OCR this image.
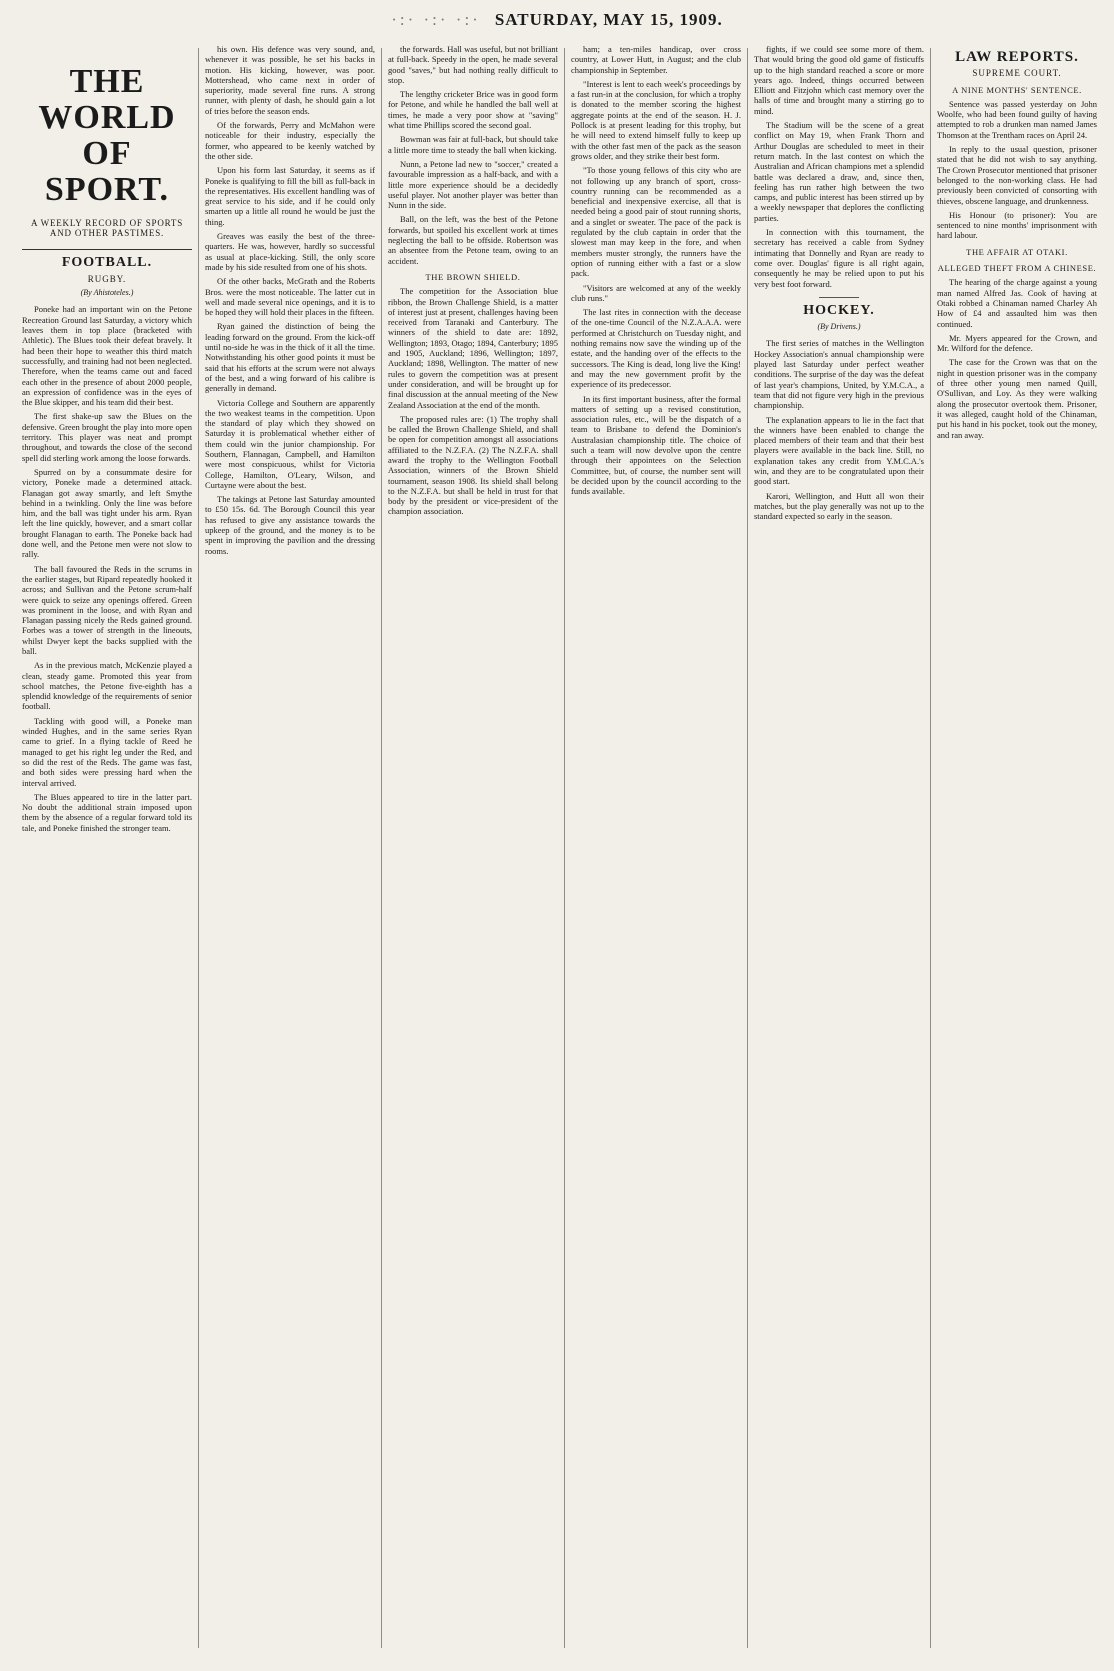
·:· ·:· ·:· SATURDAY, MAY 15, 1909.
THE WORLD OF SPORT.
A WEEKLY RECORD OF SPORTS AND OTHER PASTIMES.
FOOTBALL.
RUGBY.
(By Ahistoteles.)

Poneke had an important win on the Petone Recreation Ground last Saturday, a victory which leaves them in top place (bracketed with Athletic). The Blues took their defeat bravely. It had been their hope to weather this third match successfully, and training had not been neglected. Therefore, when the teams came out and faced each other in the presence of about 2000 people, an expression of confidence was in the eyes of the Blue skipper, and his team did their best.

The first shake-up saw the Blues on the defensive. Green brought the play into more open territory. This player was neat and prompt throughout, and towards the close of the second spell did sterling work among the loose forwards.

Spurred on by a consummate desire for victory, Poneke made a determined attack. Flanagan got away smartly, and left Smythe behind in a twinkling. Only the line was before him, and the ball was tight under his arm. Ryan left the line quickly, however, and a smart collar brought Flanagan to earth. The Poneke back had done well, and the Petone men were not slow to rally.

The ball favoured the Reds in the scrums in the earlier stages, but Ripard repeatedly hooked it across; and Sullivan and the Petone scrum-half were quick to seize any openings offered. Green was prominent in the loose, and with Ryan and Flanagan passing nicely the Reds gained ground. Forbes was a tower of strength in the lineouts, whilst Dwyer kept the backs supplied with the ball.

As in the previous match, McKenzie played a clean, steady game. Promoted this year from school matches, the Petone five-eighth has a splendid knowledge of the requirements of senior football.

Tackling with good will, a Poneke man winded Hughes, and in the same series Ryan came to grief. In a flying tackle of Reed he managed to get his right leg under the Red, and so did the rest of the Reds. The game was fast, and both sides were pressing hard when the interval arrived.

The Blues appeared to tire in the latter part. No doubt the additional strain imposed upon them by the absence of a regular forward told its tale, and Poneke finished the stronger team.

his own. His defence was very sound, and, whenever it was possible, he set his backs in motion. His kicking, however, was poor. Mottershead, who came next in order of superiority, made several fine runs. A strong runner, with plenty of dash, he should gain a lot of tries before the season ends.

Of the forwards, Perry and McMahon were noticeable for their industry, especially the former, who appeared to be keenly watched by the other side.

Upon his form last Saturday, it seems as if Poneke is qualifying to fill the bill as full-back in the representatives. His excellent handling was of great service to his side, and if he could only smarten up a little all round he would be just the thing.

Greaves was easily the best of the three-quarters. He was, however, hardly so successful as usual at place-kicking. Still, the only score made by his side resulted from one of his shots.

Of the other backs, McGrath and the Roberts Bros. were the most noticeable. The latter cut in well and made several nice openings, and it is to be hoped they will hold their places in the fifteen.

Ryan gained the distinction of being the leading forward on the ground. From the kick-off until no-side he was in the thick of it all the time. Notwithstanding his other good points it must be said that his efforts at the scrum were not always of the best, and a wing forward of his calibre is generally in demand.

Victoria College and Southern are apparently the two weakest teams in the competition. Upon the standard of play which they showed on Saturday it is problematical whether either of them could win the junior championship. For Southern, Flannagan, Campbell, and Hamilton were most conspicuous, whilst for Victoria College, Hamilton, O'Leary, Wilson, and Curtayne were about the best.

The takings at Petone last Saturday amounted to £50 15s. 6d. The Borough Council this year has refused to give any assistance towards the upkeep of the ground, and the money is to be spent in improving the pavilion and the dressing rooms.

the forwards. Hall was useful, but not brilliant at full-back. Speedy in the open, he made several good "saves," but had nothing really difficult to stop.

The lengthy cricketer Brice was in good form for Petone, and while he handled the ball well at times, he made a very poor show at "saving" what time Phillips scored the second goal.

Bowman was fair at full-back, but should take a little more time to steady the ball when kicking.

Nunn, a Petone lad new to "soccer," created a favourable impression as a half-back, and with a little more experience should be a decidedly useful player. Not another player was better than Nunn in the side.

Ball, on the left, was the best of the Petone forwards, but spoiled his excellent work at times neglecting the ball to be offside. Robertson was an absentee from the Petone team, owing to an accident.

THE BROWN SHIELD.

The competition for the Association blue ribbon, the Brown Challenge Shield, is a matter of interest just at present, challenges having been received from Taranaki and Canterbury. The winners of the shield to date are: 1892, Wellington; 1893, Otago; 1894, Canterbury; 1895 and 1905, Auckland; 1896, Wellington; 1897, Auckland; 1898, Wellington. The matter of new rules to govern the competition was at present under consideration, and will be brought up for final discussion at the annual meeting of the New Zealand Association at the end of the month.

The proposed rules are: (1) The trophy shall be called the Brown Challenge Shield, and shall be open for competition amongst all associations affiliated to the N.Z.F.A. (2) The N.Z.F.A. shall award the trophy to the Wellington Football Association, winners of the Brown Shield tournament, season 1908. Its shield shall belong to the N.Z.F.A. but shall be held in trust for that body by the president or vice-president of the champion association.

ham; a ten-miles handicap, over cross country, at Lower Hutt, in August; and the club championship in September.

"Interest is lent to each week's proceedings by a fast run-in at the conclusion, for which a trophy is donated to the member scoring the highest aggregate points at the end of the season. H. J. Pollock is at present leading for this trophy, but he will need to extend himself fully to keep up with the other fast men of the pack as the season grows older, and they strike their best form.

"To those young fellows of this city who are not following up any branch of sport, cross-country running can be recommended as a beneficial and inexpensive exercise, all that is needed being a good pair of stout running shorts, and a singlet or sweater. The pace of the pack is regulated by the club captain in order that the slowest man may keep in the fore, and when members muster strongly, the runners have the option of running either with a fast or a slow pack.

"Visitors are welcomed at any of the weekly club runs."

The last rites in connection with the decease of the one-time Council of the N.Z.A.A.A. were performed at Christchurch on Tuesday night, and nothing remains now save the winding up of the estate, and the handing over of the effects to the successors. The King is dead, long live the King! and may the new government profit by the experience of its predecessor.

In its first important business, after the formal matters of setting up a revised constitution, association rules, etc., will be the dispatch of a team to Brisbane to defend the Dominion's Australasian championship title. The choice of such a team will now devolve upon the centre through their appointees on the Selection Committee, but, of course, the number sent will be decided upon by the council according to the funds available.

fights, if we could see some more of them. That would bring the good old game of fisticuffs up to the high standard reached a score or more years ago. Indeed, things occurred between Elliott and Fitzjohn which cast memory over the halls of time and brought many a stirring go to mind.

The Stadium will be the scene of a great conflict on May 19, when Frank Thorn and Arthur Douglas are scheduled to meet in their return match. In the last contest on which the Australian and African champions met a splendid battle was declared a draw, and, since then, feeling has run rather high between the two camps, and public interest has been stirred up by a weekly newspaper that deplores the conflicting parties.

In connection with this tournament, the secretary has received a cable from Sydney intimating that Donnelly and Ryan are ready to come over. Douglas' figure is all right again, consequently he may be relied upon to put his very best foot forward.

HOCKEY.
(By Drivens.)

The first series of matches in the Wellington Hockey Association's annual championship were played last Saturday under perfect weather conditions. The surprise of the day was the defeat of last year's champions, United, by Y.M.C.A., a team that did not figure very high in the previous championship.

The explanation appears to lie in the fact that the winners have been enabled to change the placed members of their team and that their best players were available in the back line. Still, no explanation takes any credit from Y.M.C.A.'s win, and they are to be congratulated upon their good start.

Karori, Wellington, and Hutt all won their matches, but the play generally was not up to the standard expected so early in the season.

LAW REPORTS.
SUPREME COURT.
A NINE MONTHS' SENTENCE.

Sentence was passed yesterday on John Woolfe, who had been found guilty of having attempted to rob a drunken man named James Thomson at the Trentham races on April 24.

In reply to the usual question, prisoner stated that he did not wish to say anything. The Crown Prosecutor mentioned that prisoner belonged to the non-working class. He had previously been convicted of consorting with thieves, obscene language, and drunkenness.

His Honour (to prisoner): You are sentenced to nine months' imprisonment with hard labour.

THE AFFAIR AT OTAKI.
ALLEGED THEFT FROM A CHINESE.

The hearing of the charge against a young man named Alfred Jas. Cook of having at Otaki robbed a Chinaman named Charley Ah How of £4 and assaulted him was then continued.

Mr. Myers appeared for the Crown, and Mr. Wilford for the defence.

The case for the Crown was that on the night in question prisoner was in the company of three other young men named Quill, O'Sullivan, and Loy. As they were walking along the prosecutor overtook them. Prisoner, it was alleged, caught hold of the Chinaman, put his hand in his pocket, took out the money, and ran away.
